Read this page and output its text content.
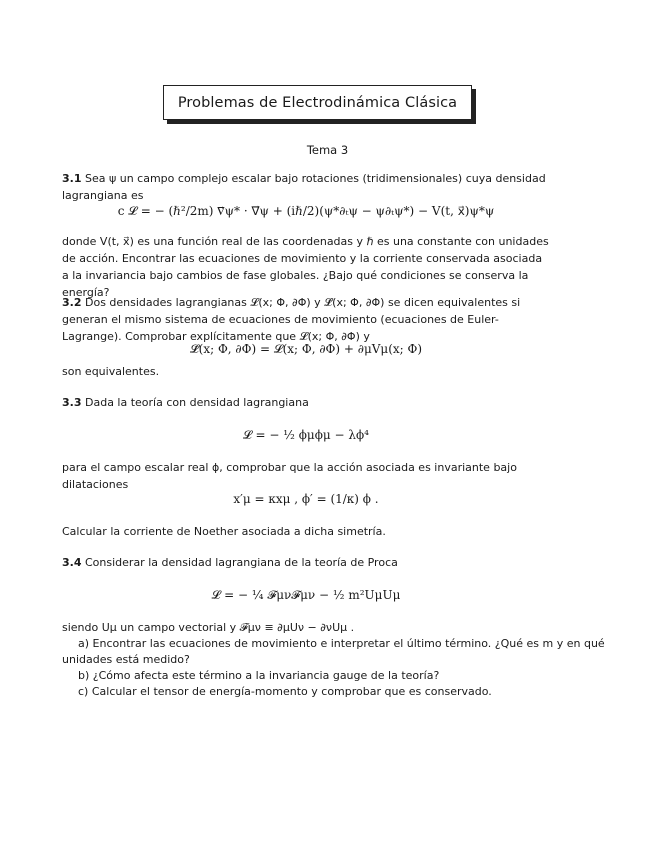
Problemas de Electrodinámica Clásica
Tema 3

3.1 Sea ψ un campo complejo escalar bajo rotaciones (tridimensionales) cuya densidad lagrangiana es

c 𝓛 = − (ℏ²/2m) ∇⃗ψ* · ∇⃗ψ + (iℏ/2)(ψ*∂ₜψ − ψ∂ₜψ*) − V(t, x⃗)ψ*ψ

donde V(t, x⃗) es una función real de las coordenadas y ℏ es una constante con unidades de acción. Encontrar las ecuaciones de movimiento y la corriente conservada asociada a la invariancia bajo cambios de fase globales. ¿Bajo qué condiciones se conserva la energía?

3.2 Dos densidades lagrangianas 𝓛(x; Φ, ∂Φ) y 𝓛̃(x; Φ, ∂Φ) se dicen equivalentes si generan el mismo sistema de ecuaciones de movimiento (ecuaciones de Euler-Lagrange). Comprobar explícitamente que 𝓛(x; Φ, ∂Φ) y

𝓛̃(x; Φ, ∂Φ) = 𝓛(x; Φ, ∂Φ) + ∂μVμ(x; Φ)

son equivalentes.

3.3 Dada la teoría con densidad lagrangiana

𝓛 = − ½ ϕμϕμ − λϕ⁴

para el campo escalar real ϕ, comprobar que la acción asociada es invariante bajo dilataciones

x′μ = κxμ , ϕ′ = (1/κ) ϕ .

Calcular la corriente de Noether asociada a dicha simetría.

3.4 Considerar la densidad lagrangiana de la teoría de Proca

𝓛 = − ¼ 𝓕μν𝓕μν − ½ m²UμUμ

siendo Uμ un campo vectorial y 𝓕μν ≡ ∂μUν − ∂νUμ .

a) Encontrar las ecuaciones de movimiento e interpretar el último término. ¿Qué es m y en qué
unidades está medido?
b) ¿Cómo afecta este término a la invariancia gauge de la teoría?
c) Calcular el tensor de energía-momento y comprobar que es conservado.
